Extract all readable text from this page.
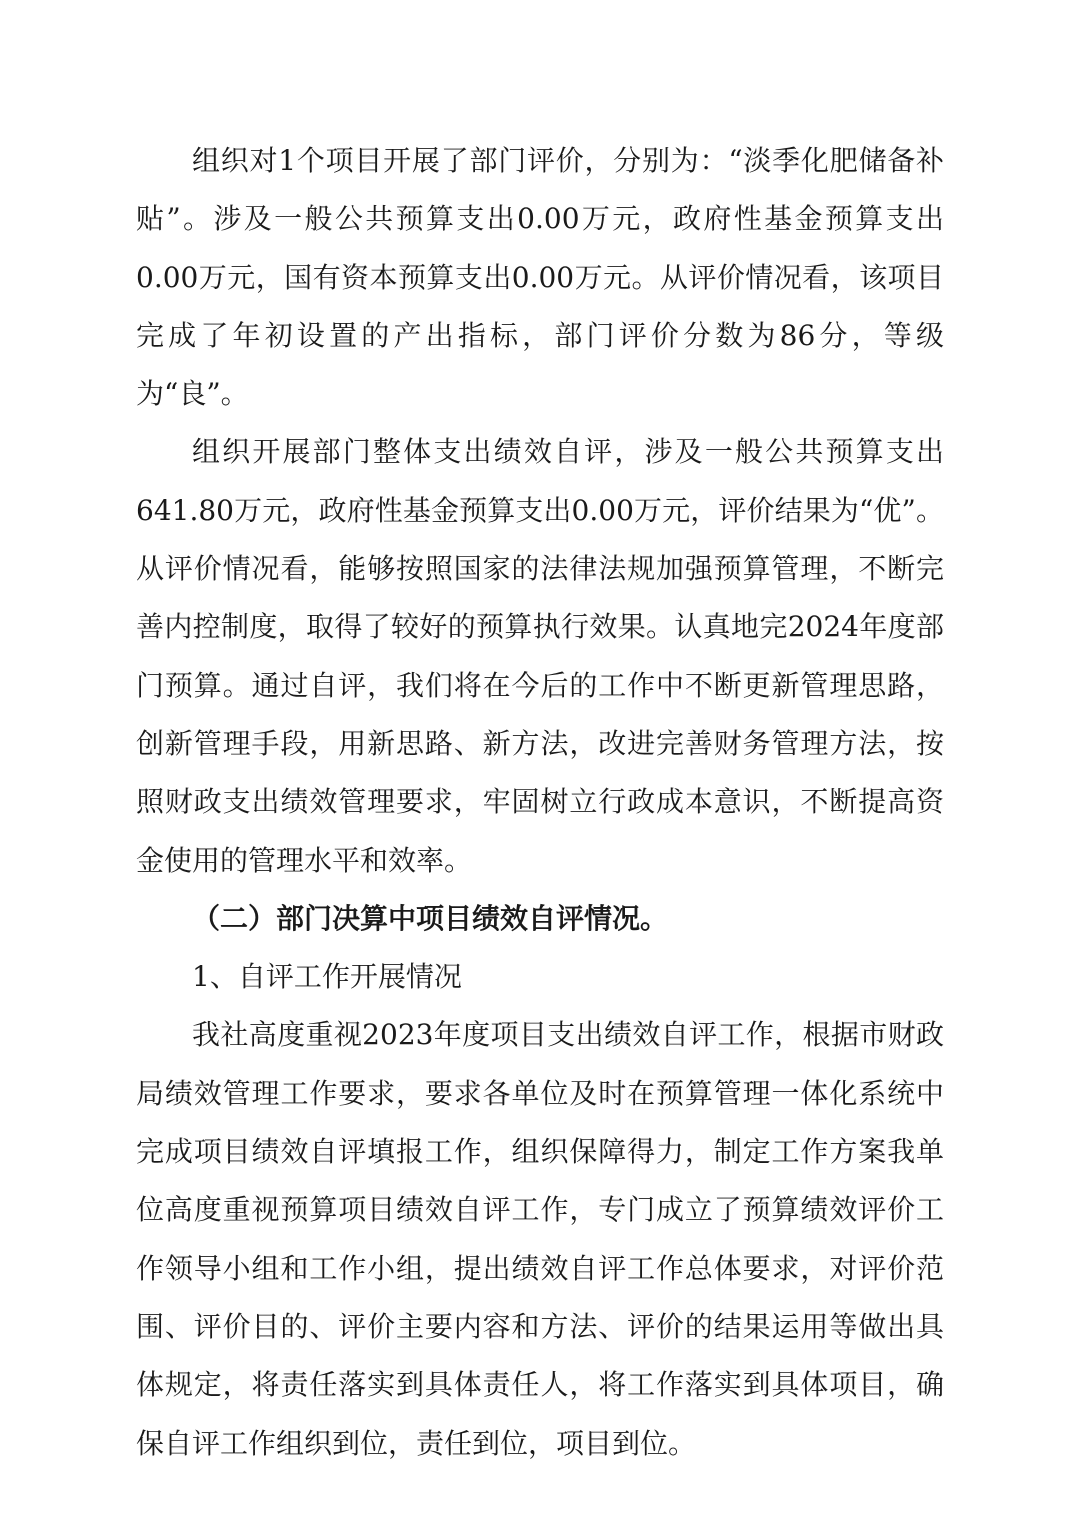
组织对1个项目开展了部门评价，分别为：“淡季化肥储备补贴”。涉及一般公共预算支出0.00万元，政府性基金预算支出0.00万元，国有资本预算支出0.00万元。从评价情况看，该项目完成了年初设置的产出指标，部门评价分数为86分，等级为“良”。

组织开展部门整体支出绩效自评，涉及一般公共预算支出641.80万元，政府性基金预算支出0.00万元，评价结果为“优”。从评价情况看，能够按照国家的法律法规加强预算管理，不断完善内控制度，取得了较好的预算执行效果。认真地完2024年度部门预算。通过自评，我们将在今后的工作中不断更新管理思路，创新管理手段，用新思路、新方法，改进完善财务管理方法，按照财政支出绩效管理要求，牢固树立行政成本意识，不断提高资金使用的管理水平和效率。

（二）部门决算中项目绩效自评情况。

1、自评工作开展情况

我社高度重视2023年度项目支出绩效自评工作，根据市财政局绩效管理工作要求，要求各单位及时在预算管理一体化系统中完成项目绩效自评填报工作，组织保障得力，制定工作方案我单位高度重视预算项目绩效自评工作，专门成立了预算绩效评价工作领导小组和工作小组，提出绩效自评工作总体要求，对评价范围、评价目的、评价主要内容和方法、评价的结果运用等做出具体规定，将责任落实到具体责任人，将工作落实到具体项目，确保自评工作组织到位，责任到位，项目到位。
